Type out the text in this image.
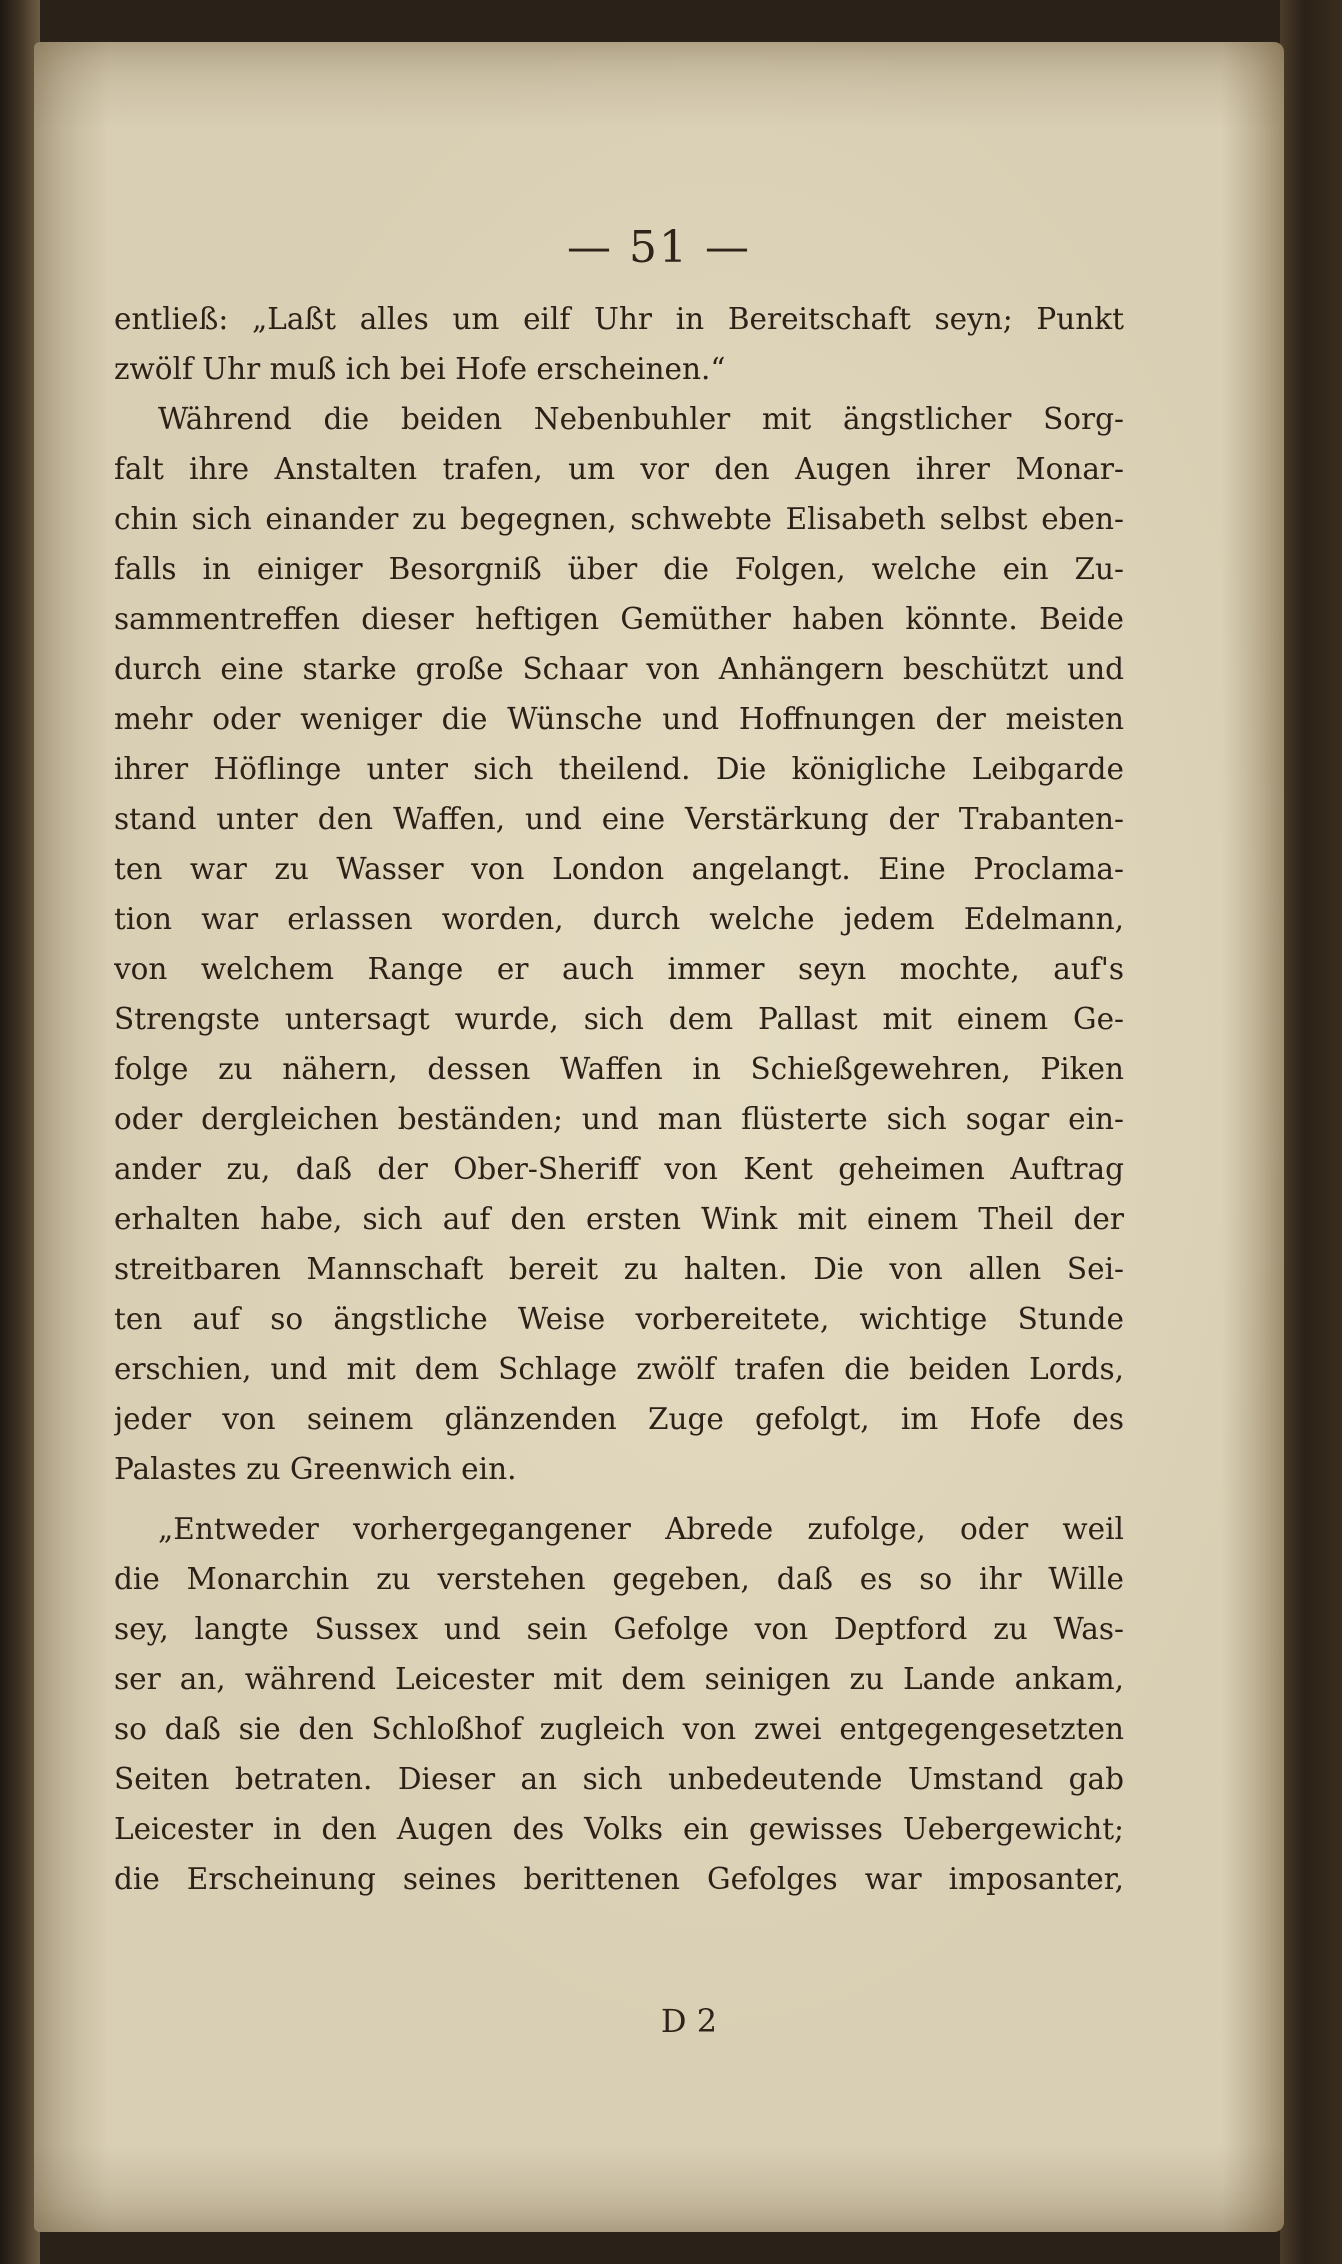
— 51 —
entließ: „Laßt alles um eilf Uhr in Bereitschaft seyn; Punkt
zwölf Uhr muß ich bei Hofe erscheinen.“
Während die beiden Nebenbuhler mit ängstlicher Sorg-
falt ihre Anstalten trafen, um vor den Augen ihrer Monar-
chin sich einander zu begegnen, schwebte Elisabeth selbst eben-
falls in einiger Besorgniß über die Folgen, welche ein Zu-
sammentreffen dieser heftigen Gemüther haben könnte. Beide
durch eine starke große Schaar von Anhängern beschützt und
mehr oder weniger die Wünsche und Hoffnungen der meisten
ihrer Höflinge unter sich theilend. Die königliche Leibgarde
stand unter den Waffen, und eine Verstärkung der Trabanten-
ten war zu Wasser von London angelangt. Eine Proclama-
tion war erlassen worden, durch welche jedem Edelmann,
von welchem Range er auch immer seyn mochte, auf's
Strengste untersagt wurde, sich dem Pallast mit einem Ge-
folge zu nähern, dessen Waffen in Schießgewehren, Piken
oder dergleichen beständen; und man flüsterte sich sogar ein-
ander zu, daß der Ober-Sheriff von Kent geheimen Auftrag
erhalten habe, sich auf den ersten Wink mit einem Theil der
streitbaren Mannschaft bereit zu halten. Die von allen Sei-
ten auf so ängstliche Weise vorbereitete, wichtige Stunde
erschien, und mit dem Schlage zwölf trafen die beiden Lords,
jeder von seinem glänzenden Zuge gefolgt, im Hofe des
Palastes zu Greenwich ein.
„Entweder vorhergegangener Abrede zufolge, oder weil
die Monarchin zu verstehen gegeben, daß es so ihr Wille
sey, langte Sussex und sein Gefolge von Deptford zu Was-
ser an, während Leicester mit dem seinigen zu Lande ankam,
so daß sie den Schloßhof zugleich von zwei entgegengesetzten
Seiten betraten. Dieser an sich unbedeutende Umstand gab
Leicester in den Augen des Volks ein gewisses Uebergewicht;
die Erscheinung seines berittenen Gefolges war imposanter,
D 2
